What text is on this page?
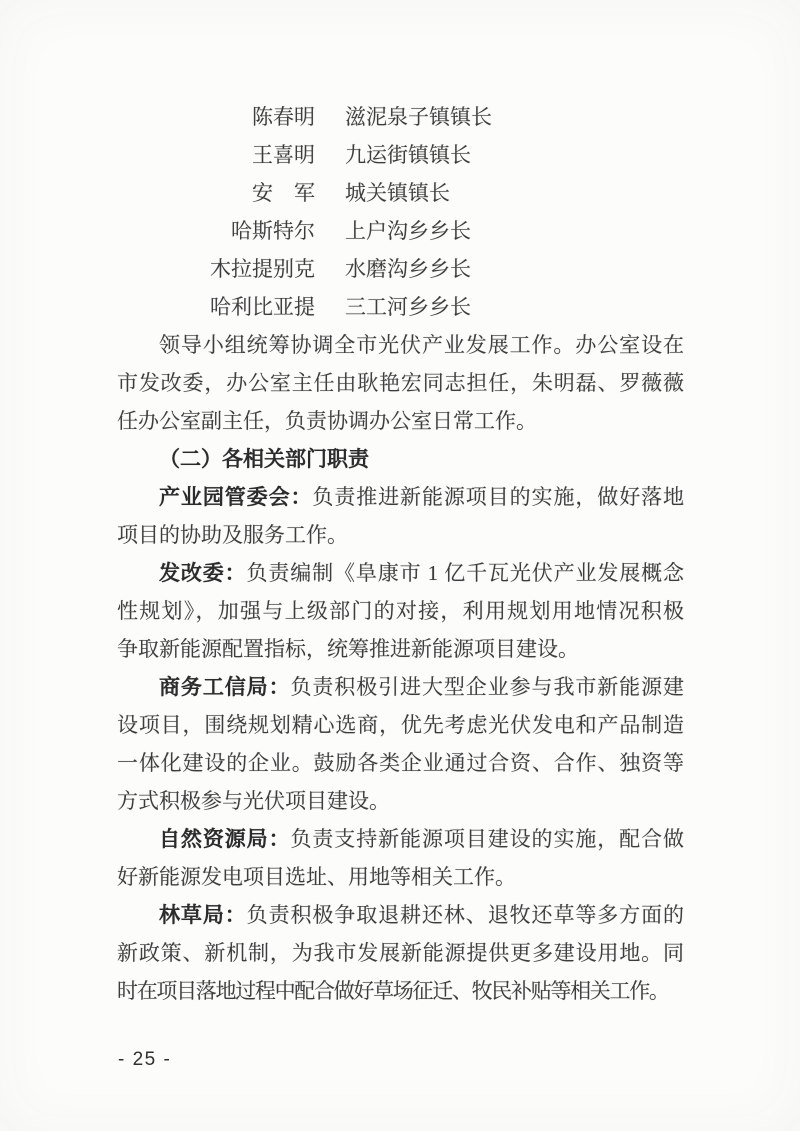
陈春明 滋泥泉子镇镇长
王喜明 九运街镇镇长
安　军 城关镇镇长
哈斯特尔 上户沟乡乡长
木拉提别克 水磨沟乡乡长
哈利比亚提 三工河乡乡长
领导小组统筹协调全市光伏产业发展工作。办公室设在
市发改委，办公室主任由耿艳宏同志担任，朱明磊、罗薇薇
任办公室副主任，负责协调办公室日常工作。
（二）各相关部门职责
产业园管委会：负责推进新能源项目的实施，做好落地
项目的协助及服务工作。
发改委：负责编制《阜康市 1 亿千瓦光伏产业发展概念
性规划》，加强与上级部门的对接，利用规划用地情况积极
争取新能源配置指标，统筹推进新能源项目建设。
商务工信局：负责积极引进大型企业参与我市新能源建
设项目，围绕规划精心选商，优先考虑光伏发电和产品制造
一体化建设的企业。鼓励各类企业通过合资、合作、独资等
方式积极参与光伏项目建设。
自然资源局：负责支持新能源项目建设的实施，配合做
好新能源发电项目选址、用地等相关工作。
林草局：负责积极争取退耕还林、退牧还草等多方面的
新政策、新机制，为我市发展新能源提供更多建设用地。同
时在项目落地过程中配合做好草场征迁、牧民补贴等相关工作。
- 25 -
